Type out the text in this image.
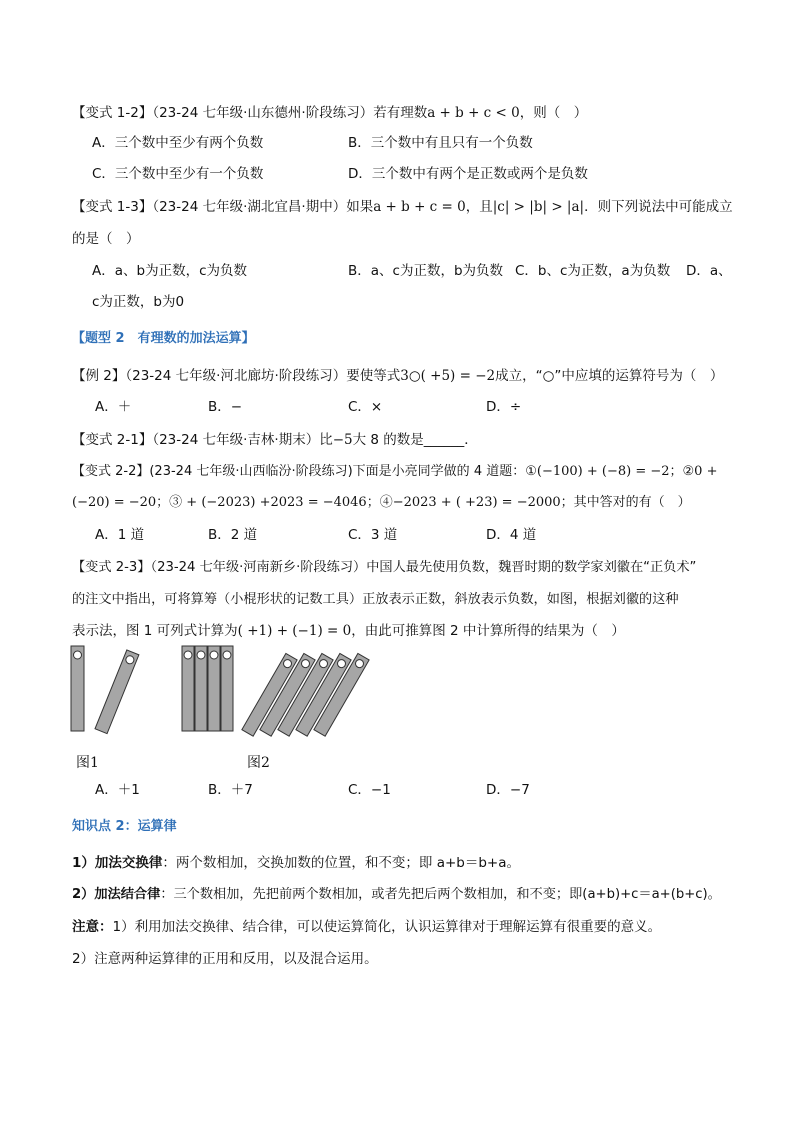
【变式 1-2】（23-24 七年级·山东德州·阶段练习）若有理数a + b + c < 0，则（　）
A．三个数中至少有两个负数	B．三个数中有且只有一个负数
C．三个数中至少有一个负数	D．三个数中有两个是正数或两个是负数
【变式 1-3】（23-24 七年级·湖北宜昌·期中）如果a + b + c = 0，且|c| > |b| > |a|．则下列说法中可能成立
的是（　）
A．a、b为正数，c为负数	B．a、c为正数，b为负数 C．b、c为正数，a为负数 D．a、
c为正数，b为0
【题型 2　有理数的加法运算】
【例 2】（23-24 七年级·河北廊坊·阶段练习）要使等式3○( +5) = −2成立，“○”中应填的运算符号为（　）
A．＋	B．−	C．×	D．÷
【变式 2-1】（23-24 七年级·吉林·期末）比−5大 8 的数是______．
【变式 2-2】(23-24 七年级·山西临汾·阶段练习)下面是小亮同学做的 4 道题：①(−100) + (−8) = −2；②0 +
(−20) = −20；③ + (−2023) +2023 = −4046；④−2023 + ( +23) = −2000；其中答对的有（　）
A．1 道	B．2 道	C．3 道	D．4 道
【变式 2-3】（23-24 七年级·河南新乡·阶段练习）中国人最先使用负数，魏晋时期的数学家刘徽在“正负术”
的注文中指出，可将算筹（小棍形状的记数工具）正放表示正数，斜放表示负数，如图，根据刘徽的这种
表示法，图 1 可列式计算为( +1) + (−1) = 0，由此可推算图 2 中计算所得的结果为（　）
图1	图2
A．＋1	B．＋7	C．−1	D．−7
知识点 2：运算律
1）加法交换律：两个数相加，交换加数的位置，和不变；即 a+b＝b+a。
2）加法结合律：三个数相加，先把前两个数相加，或者先把后两个数相加，和不变；即(a+b)+c＝a+(b+c)。
注意：1）利用加法交换律、结合律，可以使运算简化，认识运算律对于理解运算有很重要的意义。
2）注意两种运算律的正用和反用，以及混合运用。
